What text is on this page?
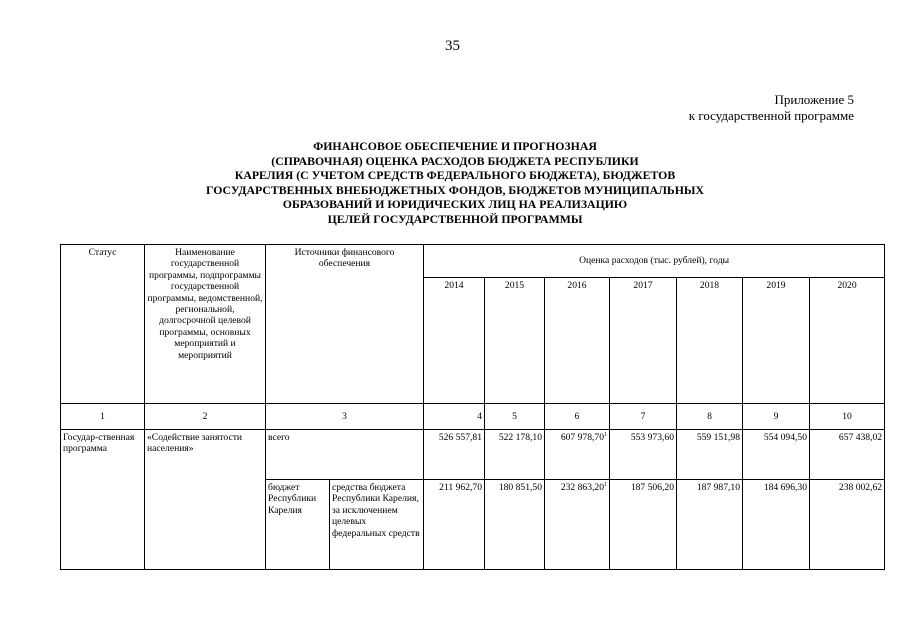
35
Приложение 5
к государственной программе
ФИНАНСОВОЕ ОБЕСПЕЧЕНИЕ И ПРОГНОЗНАЯ
(СПРАВОЧНАЯ) ОЦЕНКА РАСХОДОВ БЮДЖЕТА РЕСПУБЛИКИ
КАРЕЛИЯ (С УЧЕТОМ СРЕДСТВ ФЕДЕРАЛЬНОГО БЮДЖЕТА), БЮДЖЕТОВ
ГОСУДАРСТВЕННЫХ ВНЕБЮДЖЕТНЫХ ФОНДОВ, БЮДЖЕТОВ МУНИЦИПАЛЬНЫХ
ОБРАЗОВАНИЙ И ЮРИДИЧЕСКИХ ЛИЦ НА РЕАЛИЗАЦИЮ
ЦЕЛЕЙ ГОСУДАРСТВЕННОЙ ПРОГРАММЫ
Статус	Наименование государственной программы, подпрограммы государственной программы, ведомственной, региональной, долгосрочной целевой программы, основных мероприятий и мероприятий	Источники финансового обеспечения		Оценка расходов (тыс. рублей), годы						
				2014	2015	2016	2017	2018	2019	2020
1	2	3		4	5	6	7	8	9	10
Государ-ственная программа	«Содействие занятости населения»	всего		526 557,81	522 178,10	607 978,70$^1$	553 973,60	559 151,98	554 094,50	657 438,02
		бюджет Республики Карелия	средства бюджета Республики Карелия, за исключением целевых федеральных средств	211 962,70	180 851,50	232 863,20$^1$	187 506,20	187 987,10	184 696,30	238 002,62
